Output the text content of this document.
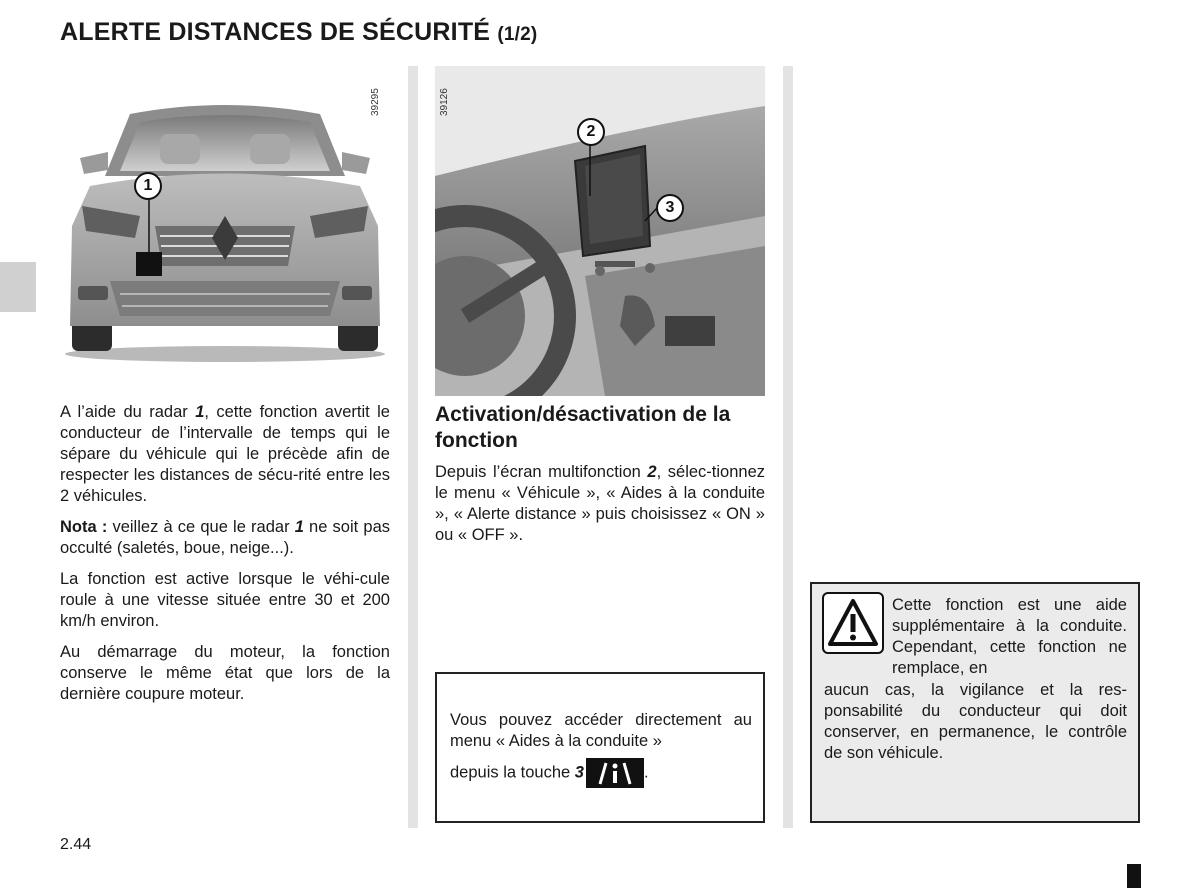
ALERTE DISTANCES DE SÉCURITÉ (1/2)
1
39295
2
3
39126

A l’aide du radar 1, cette fonction avertit le conducteur de l’intervalle de temps qui le sépare du véhicule qui le précède afin de respecter les distances de sécu-rité entre les 2 véhicules.

Nota : veillez à ce que le radar 1 ne soit pas occulté (saletés, boue, neige...).

La fonction est active lorsque le véhi-cule roule à une vitesse située entre 30 et 200 km/h environ.

Au démarrage du moteur, la fonction conserve le même état que lors de la dernière coupure moteur.

Activation/désactivation de la fonction

Depuis l’écran multifonction 2, sélec-tionnez le menu « Véhicule », « Aides à la conduite », « Alerte distance » puis choisissez « ON » ou « OFF ».

Vous pouvez accéder directement au menu « Aides à la conduite »

depuis la touche 3	.

Cette fonction est une aide supplémentaire à la conduite. Cependant, cette fonction ne remplace, en

aucun cas, la vigilance et la res-ponsabilité du conducteur qui doit conserver, en permanence, le contrôle de son véhicule.

2.44
